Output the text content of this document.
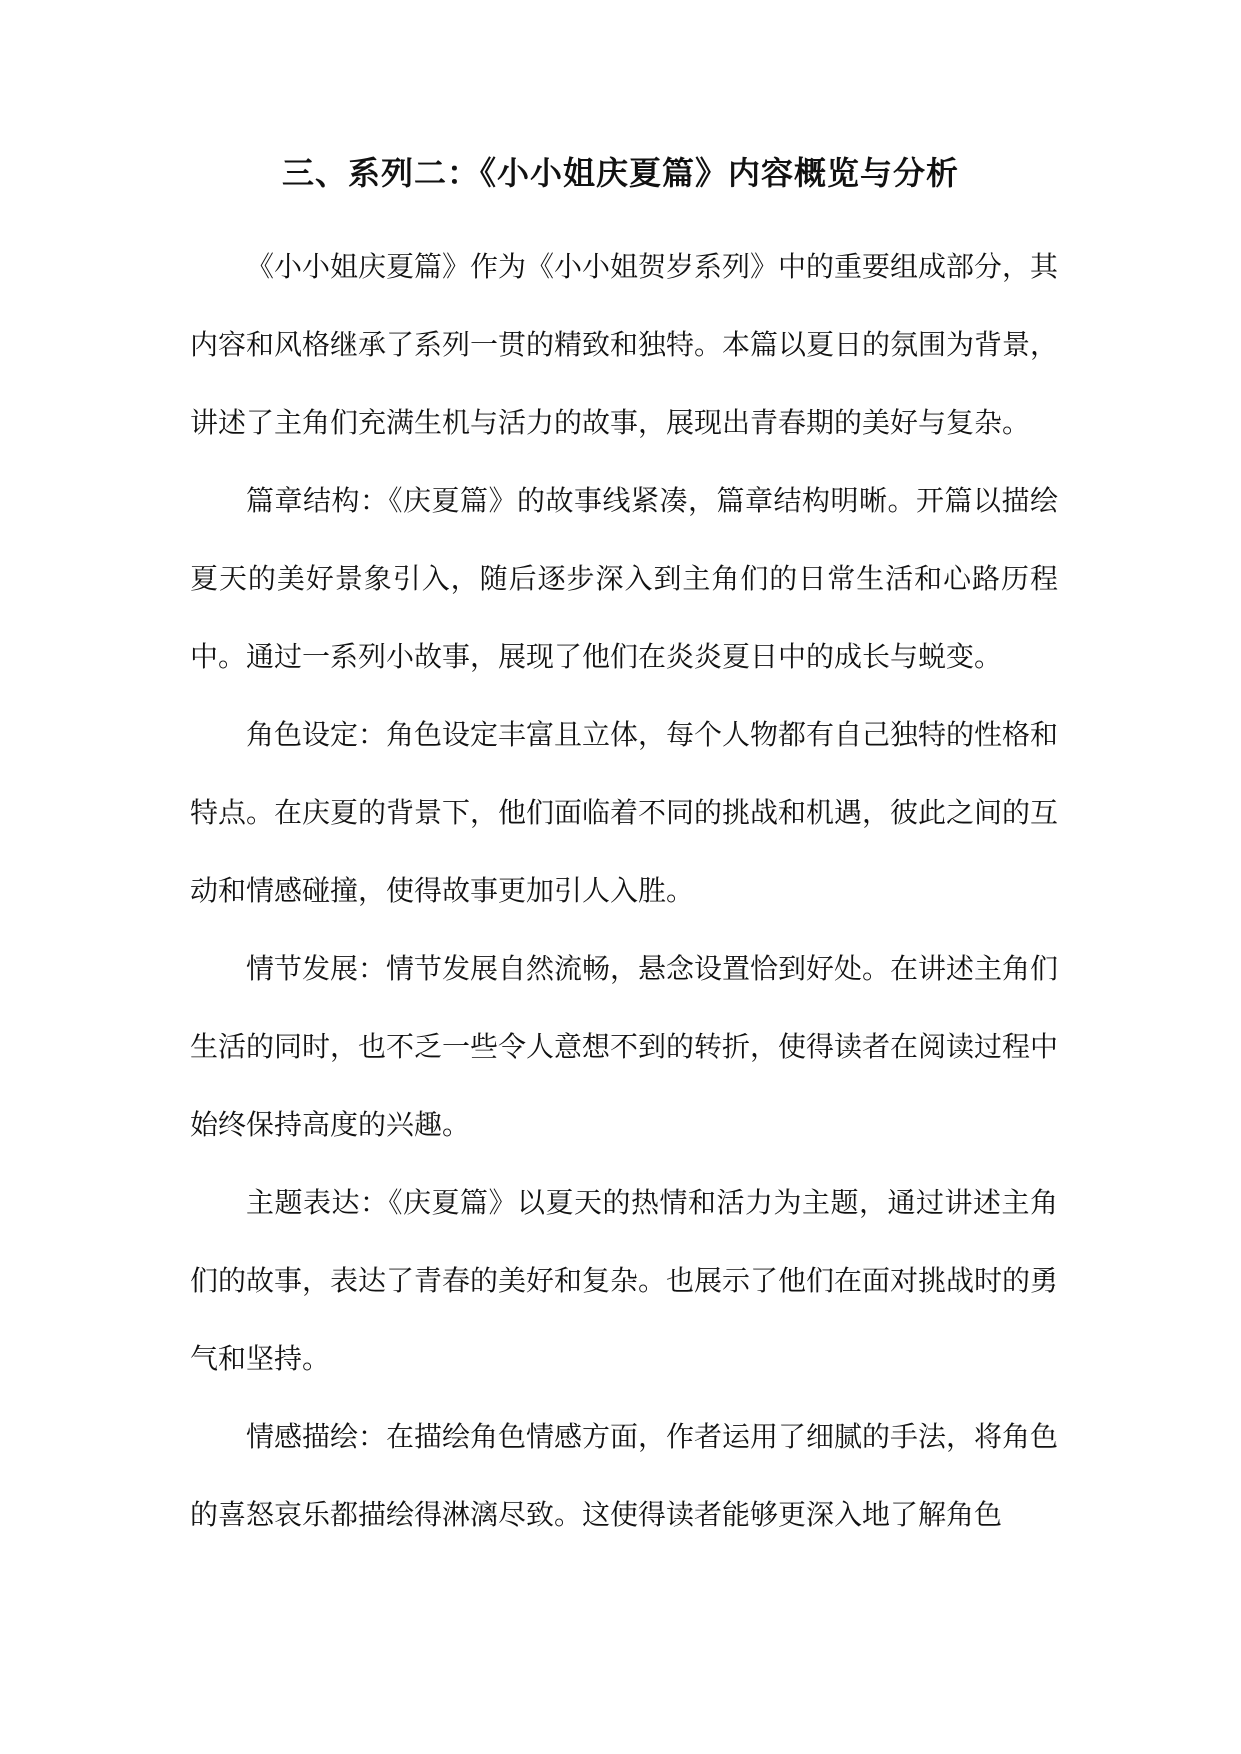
三、系列二：《小小姐庆夏篇》内容概览与分析

《小小姐庆夏篇》作为《小小姐贺岁系列》中的重要组成部分，其内容和风格继承了系列一贯的精致和独特。本篇以夏日的氛围为背景，讲述了主角们充满生机与活力的故事，展现出青春期的美好与复杂。

篇章结构：《庆夏篇》的故事线紧凑，篇章结构明晰。开篇以描绘夏天的美好景象引入，随后逐步深入到主角们的日常生活和心路历程中。通过一系列小故事，展现了他们在炎炎夏日中的成长与蜕变。

角色设定：角色设定丰富且立体，每个人物都有自己独特的性格和特点。在庆夏的背景下，他们面临着不同的挑战和机遇，彼此之间的互动和情感碰撞，使得故事更加引人入胜。

情节发展：情节发展自然流畅，悬念设置恰到好处。在讲述主角们生活的同时，也不乏一些令人意想不到的转折，使得读者在阅读过程中始终保持高度的兴趣。

主题表达：《庆夏篇》以夏天的热情和活力为主题，通过讲述主角们的故事，表达了青春的美好和复杂。也展示了他们在面对挑战时的勇气和坚持。

情感描绘：在描绘角色情感方面，作者运用了细腻的手法，将角色的喜怒哀乐都描绘得淋漓尽致。这使得读者能够更深入地了解角色
